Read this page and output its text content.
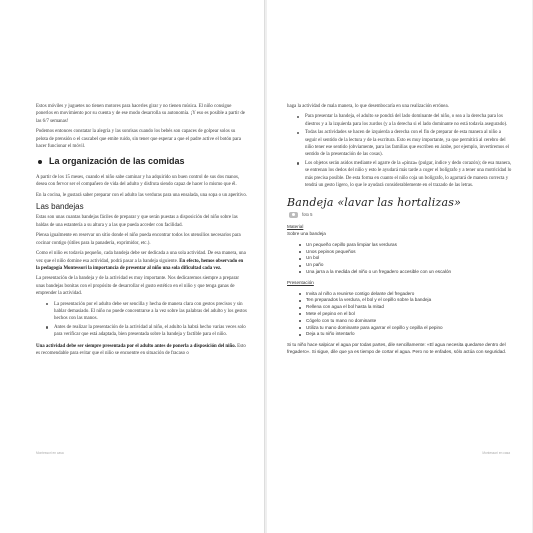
Estos móviles y juguetes no tienen motores para hacerles girar y no tienen música. El niño consigue ponerlos en movimiento por su cuenta y de ese modo desarrolla su autonomía. ¡Y eso es posible a partir de las 6/7 semanas!

Podemos entonces constatar la alegría y las sonrisas cuando los bebés son capaces de golpear solos su pelota de prensión o el cascabel que emite ruido, sin tener que esperar a que el padre active el botón para hacer funcionar el móvil.

La organización de las comidas

A partir de los 15 meses, cuando el niño sabe caminar y ha adquirido un buen control de sus dos manos, desea con fervor ser el compañero de vida del adulto y disfruta siendo capaz de hacer lo mismo que él.

En la cocina, le gustará saber preparar con el adulto las verduras para una ensalada, una sopa o un aperitivo.

Las bandejas

Estas son unas cuantas bandejas fáciles de preparar y que serán puestas a disposición del niño sobre las baldas de una estantería a su altura y a las que pueda acceder con facilidad.

Piensa igualmente en reservar un sitio donde el niño pueda encontrar todos los utensilios necesarios para cocinar contigo (útiles para la panadería, exprimidor, etc.).

Como el niño es todavía pequeño, cada bandeja debe ser dedicada a una sola actividad. De esa manera, una vez que el niño domine esa actividad, podrá pasar a la bandeja siguiente. En efecto, hemos observado en la pedagogía Montessori la importancia de presentar al niño una sola dificultad cada vez.

La presentación de la bandeja y de la actividad es muy importante. Nos dedicaremos siempre a preparar unas bandejas bonitas con el propósito de desarrollar el gusto estético en el niño y que tenga ganas de emprender la actividad.

La presentación por el adulto debe ser sencilla y hecha de manera clara con gestos precisos y sin hablar demasiado. El niño no puede concentrarse a la vez sobre las palabras del adulto y los gestos hechos con las manos.
Antes de realizar la presentación de la actividad al niño, el adulto la habrá hecho varias veces solo para verificar que está adaptada, bien presentada sobre la bandeja y factible para el niño.

Una actividad debe ser siempre presentada por el adulto antes de ponerla a disposición del niño. Esto es recomendable para evitar que el niño se encuentre en situación de fracaso o

Montessori en casa

haga la actividad de mala manera, lo que desembocaría en una realización errónea.

Para presentar la bandeja, el adulto se pondrá del lado dominante del niño, o sea a la derecha para los diestros y a la izquierda para los zurdos (y a la derecha si el lado dominante no está todavía asegurado).
Todas las actividades se hacen de izquierda a derecha con el fin de preparar de esta manera al niño a seguir el sentido de la lectura y de la escritura. Esto es muy importante, ya que permitirá al cerebro del niño tener ese sentido (obviamente, para las familias que escriben en árabe, por ejemplo, invertiremos el sentido de la presentación de las cosas).
Los objetos serán asidos mediante el agarre de la «pinza» (pulgar, índice y dedo corazón); de esa manera, se entrenan los dedos del niño y esto le ayudará más tarde a coger el bolígrafo y a tener una motricidad lo más precisa posible. De esta forma en cuanto el niño coja un bolígrafo, lo agarrará de manera correcta y tendrá un gesto ligero, lo que le ayudará considerablemente en el trazado de las letras.
Bandeja «lavar las hortalizas»
foto 5
Material
Sobre una bandeja
Un pequeño cepillo para limpiar las verduras
Unos pepinos pequeños
Un bol
Un paño
Una jarra a la medida del niño o un fregadero accesible con un escalón
Presentación
Invita al niño a reunirse contigo delante del fregadero
Ten preparados la verdura, el bol y el cepillo sobre la bandeja
Rellena con agua el bol hasta la mitad
Mete el pepino en el bol
Cógelo con tu mano no dominante
Utiliza tu mano dominante para agarrar el cepillo y cepilla el pepino
Deja a tu niño intentarlo

Si tu niño hace salpicar el agua por todas partes, dile sencillamente: «El agua necesita quedarse dentro del fregadero». Si sigue, dile que ya es tiempo de cortar el agua. Pero no te enfades, sólo actúa con seguridad.

Montessori en casa
